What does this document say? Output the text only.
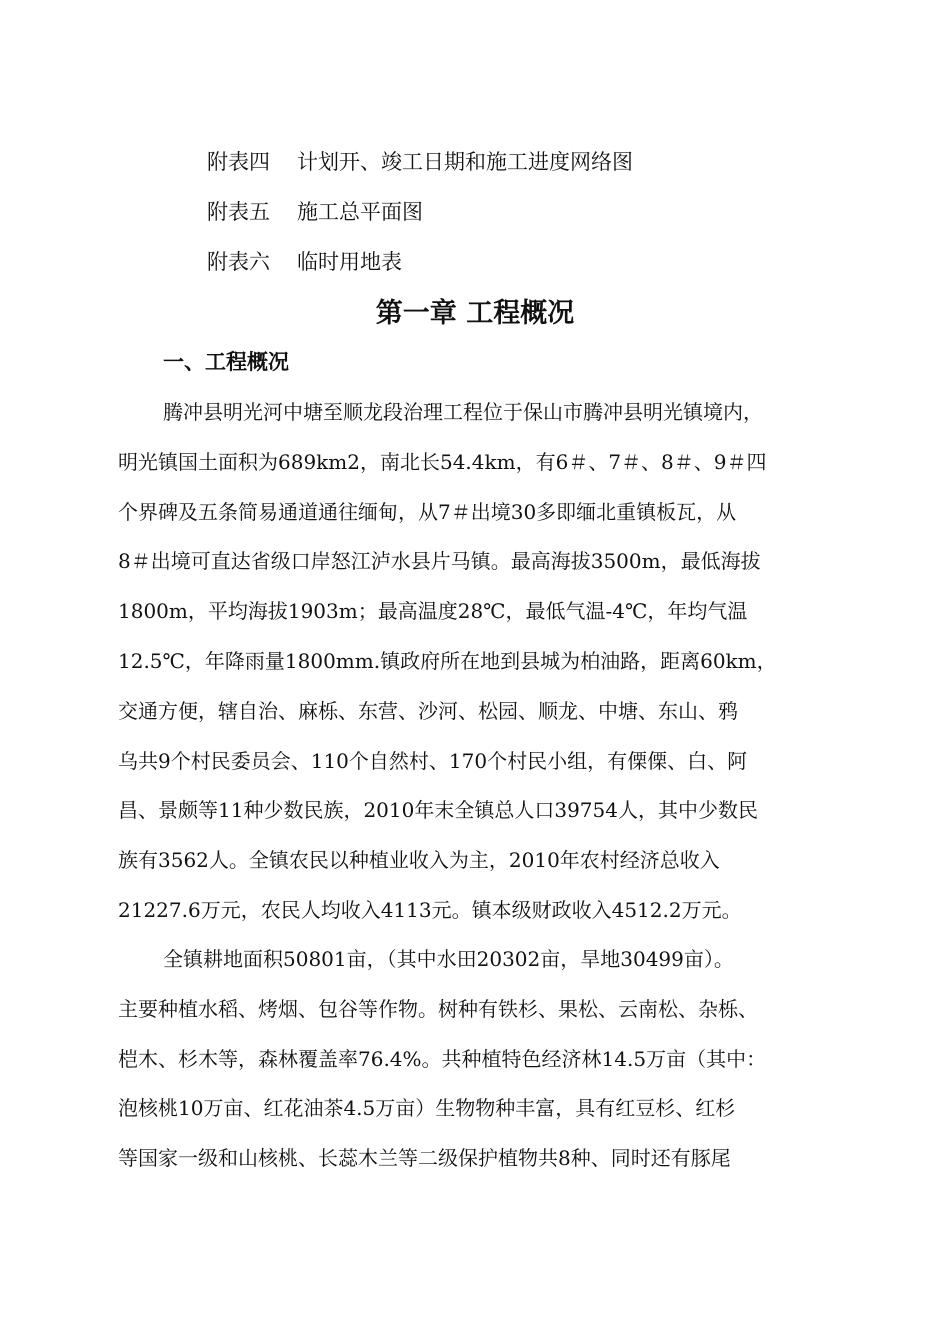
附表四 计划开、竣工日期和施工进度网络图
附表五 施工总平面图
附表六 临时用地表
第一章 工程概况
一、工程概况
腾冲县明光河中塘至顺龙段治理工程位于保山市腾冲县明光镇境内，
明光镇国土面积为689km2，南北长54.4km，有6＃、7＃、8＃、9＃四
个界碑及五条简易通道通往缅甸，从7＃出境30多即缅北重镇板瓦，从
8＃出境可直达省级口岸怒江泸水县片马镇。最高海拔3500m，最低海拔
1800m，平均海拔1903m；最高温度28℃，最低气温-4℃，年均气温
12.5℃，年降雨量1800mm.镇政府所在地到县城为柏油路，距离60km，
交通方便，辖自治、麻栎、东营、沙河、松园、顺龙、中塘、东山、鸦
乌共9个村民委员会、110个自然村、170个村民小组，有傈傈、白、阿
昌、景颇等11种少数民族，2010年末全镇总人口39754人，其中少数民
族有3562人。全镇农民以种植业收入为主，2010年农村经济总收入
21227.6万元，农民人均收入4113元。镇本级财政收入4512.2万元。
全镇耕地面积50801亩，（其中水田20302亩，旱地30499亩）。
主要种植水稻、烤烟、包谷等作物。树种有铁杉、果松、云南松、杂栎、
桤木、杉木等，森林覆盖率76.4%。共种植特色经济林14.5万亩（其中：
泡核桃10万亩、红花油茶4.5万亩）生物物种丰富，具有红豆杉、红杉
等国家一级和山核桃、长蕊木兰等二级保护植物共8种、同时还有豚尾
